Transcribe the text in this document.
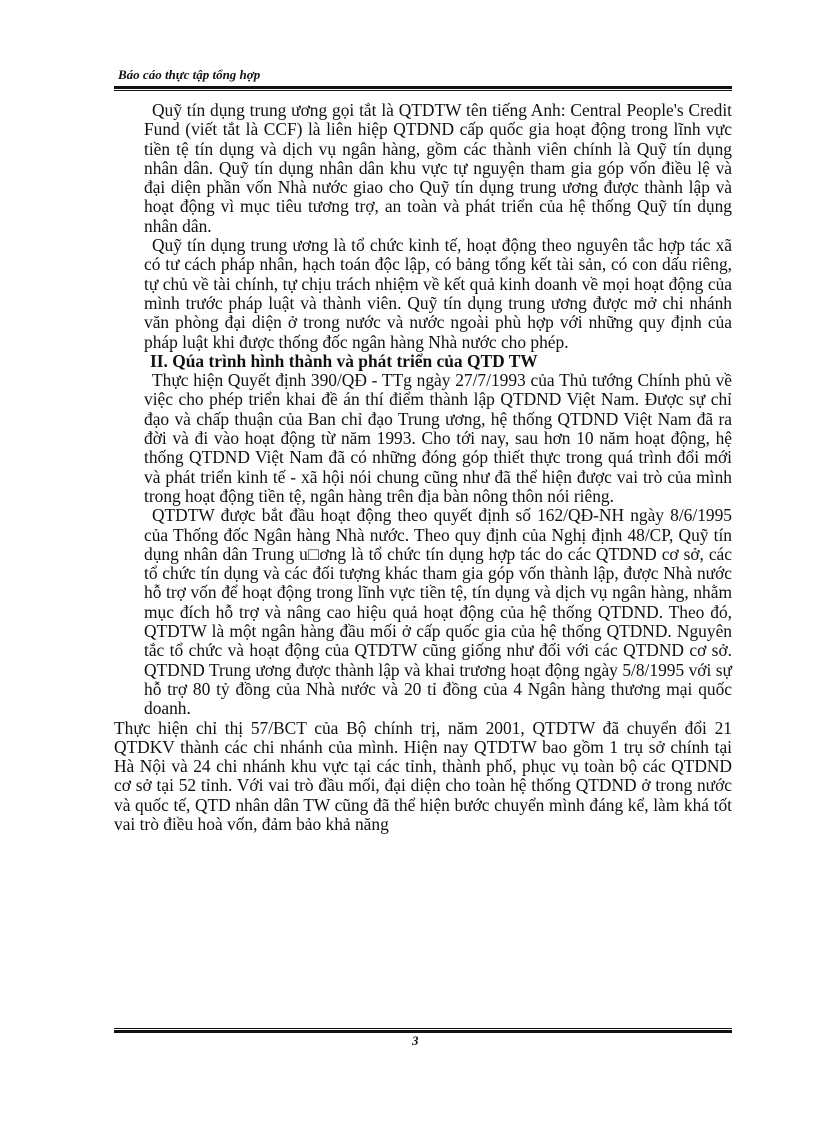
Báo cáo thực tập tổng hợp

Quỹ tín dụng trung ương gọi tắt là QTDTW tên tiếng Anh: Central People's Credit Fund (viết tắt là CCF) là liên hiệp QTDND cấp quốc gia hoạt động trong lĩnh vực tiền tệ tín dụng và dịch vụ ngân hàng, gồm các thành viên chính là Quỹ tín dụng nhân dân. Quỹ tín dụng nhân dân khu vực tự nguyện tham gia góp vốn điều lệ và đại diện phần vốn Nhà nước giao cho Quỹ tín dụng trung ương được thành lập và hoạt động vì mục tiêu tương trợ, an toàn và phát triển của hệ thống Quỹ tín dụng nhân dân.

Quỹ tín dụng trung ương là tổ chức kinh tế, hoạt động theo nguyên tắc hợp tác xã có tư cách pháp nhân, hạch toán độc lập, có bảng tổng kết tài sản, có con dấu riêng, tự chủ về tài chính, tự chịu trách nhiệm về kết quả kinh doanh về mọi hoạt động của mình trước pháp luật và thành viên. Quỹ tín dụng trung ương được mở chi nhánh văn phòng đại diện ở trong nước và nước ngoài phù hợp với những quy định của pháp luật khi được thống đốc ngân hàng Nhà nước cho phép.

II. Qúa trình hình thành và phát triển của QTD TW

Thực hiện Quyết định 390/QĐ - TTg ngày 27/7/1993 của Thủ tướng Chính phủ về việc cho phép triển khai đề án thí điểm thành lập QTDND Việt Nam. Được sự chỉ đạo và chấp thuận của Ban chỉ đạo Trung ương, hệ thống QTDND Việt Nam đã ra đời và đi vào hoạt động từ năm 1993. Cho tới nay, sau hơn 10 năm hoạt động, hệ thống QTDND Việt Nam đã có những đóng góp thiết thực trong quá trình đổi mới và phát triển kinh tế - xã hội nói chung cũng như đã thể hiện được vai trò của mình trong hoạt động tiền tệ, ngân hàng trên địa bàn nông thôn nói riêng.

QTDTW được bắt đầu hoạt động theo quyết định số 162/QĐ-NH ngày 8/6/1995 của Thống đốc Ngân hàng Nhà nước. Theo quy định của Nghị định 48/CP, Quỹ tín dụng nhân dân Trung u□ơng là tổ chức tín dụng hợp tác do các QTDND cơ sở, các tổ chức tín dụng và các đối tượng khác tham gia góp vốn thành lập, được Nhà nước hỗ trợ vốn để hoạt động trong lĩnh vực tiền tệ, tín dụng và dịch vụ ngân hàng, nhằm mục đích hỗ trợ và nâng cao hiệu quả hoạt động của hệ thống QTDND. Theo đó, QTDTW là một ngân hàng đầu mối ở cấp quốc gia của hệ thống QTDND. Nguyên tắc tổ chức và hoạt động của QTDTW cũng giống như đối với các QTDND cơ sở. QTDND Trung ương được thành lập và khai trương hoạt động ngày 5/8/1995 với sự hỗ trợ 80 tỷ đồng của Nhà nước và 20 tỉ đồng của 4 Ngân hàng thương mại quốc doanh.

Thực hiện chỉ thị 57/BCT của Bộ chính trị, năm 2001, QTDTW đã chuyển đổi 21 QTDKV thành các chi nhánh của mình. Hiện nay QTDTW bao gồm 1 trụ sở chính tại Hà Nội và 24 chi nhánh khu vực tại các tỉnh, thành phố, phục vụ toàn bộ các QTDND cơ sở tại 52 tỉnh. Với vai trò đầu mối, đại diện cho toàn hệ thống QTDND ở trong nước và quốc tế, QTD nhân dân TW cũng đã thể hiện bước chuyển mình đáng kể, làm khá tốt vai trò điều hoà vốn, đảm bảo khả năng

3
